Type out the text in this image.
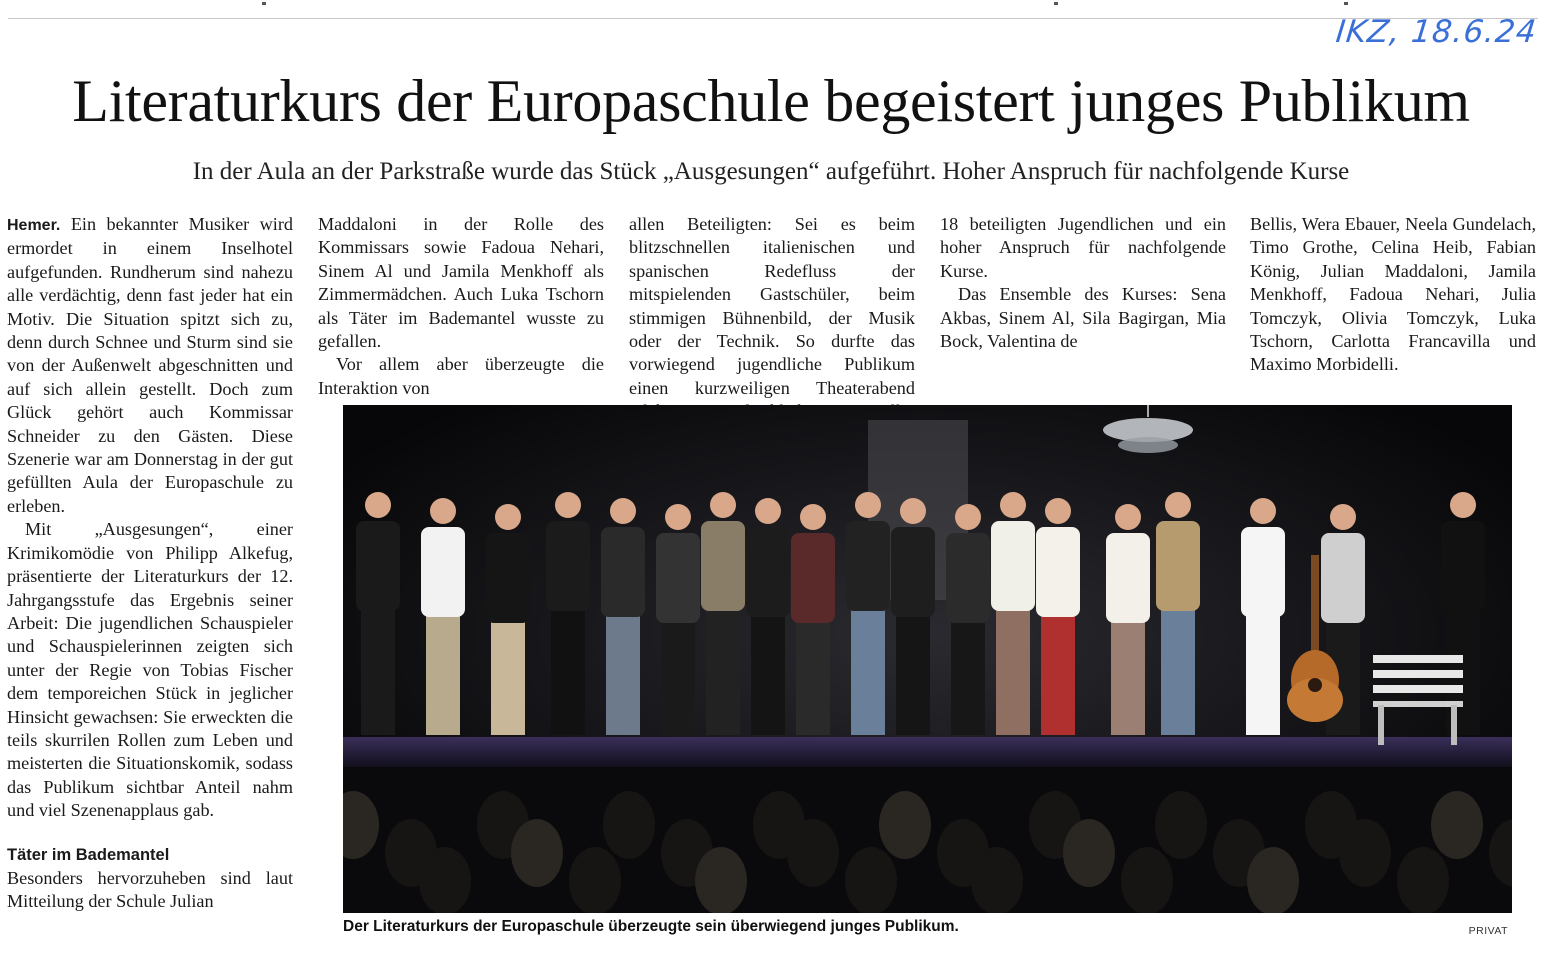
IKZ, 18.6.24
Literaturkurs der Europaschule begeistert junges Publikum
In der Aula an der Parkstraße wurde das Stück „Ausgesungen“ aufgeführt. Hoher Anspruch für nachfolgende Kurse

Hemer. Ein bekannter Musiker wird ermordet in einem Inselhotel aufgefunden. Rundherum sind nahezu alle verdächtig, denn fast jeder hat ein Motiv. Die Situation spitzt sich zu, denn durch Schnee und Sturm sind sie von der Außenwelt abgeschnitten und auf sich allein gestellt. Doch zum Glück gehört auch Kommissar Schneider zu den Gästen. Diese Szenerie war am Donnerstag in der gut gefüllten Aula der Europaschule zu erleben.

Mit „Ausgesungen“, einer Krimikomödie von Philipp Alkefug, präsentierte der Literaturkurs der 12. Jahrgangsstufe das Ergebnis seiner Arbeit: Die jugendlichen Schauspieler und Schauspielerinnen zeigten sich unter der Regie von Tobias Fischer dem temporeichen Stück in jeglicher Hinsicht gewachsen: Sie erweckten die teils skurrilen Rollen zum Leben und meisterten die Situationskomik, sodass das Publikum sichtbar Anteil nahm und viel Szenenapplaus gab.

Täter im Bademantel

Besonders hervorzuheben sind laut Mitteilung der Schule Julian

Maddaloni in der Rolle des Kommissars sowie Fadoua Nehari, Sinem Al und Jamila Menkhoff als Zimmermädchen. Auch Luka Tschorn als Täter im Bademantel wusste zu gefallen.

Vor allem aber überzeugte die Interaktion von

allen Beteiligten: Sei es beim blitzschnellen italienischen und spanischen Redefluss der mitspielenden Gastschüler, beim stimmigen Bühnenbild, der Musik oder der Technik. So durfte das vorwiegend jugendliche Publikum einen kurzweiligen Theaterabend

18 beteiligten Jugendlichen und ein hoher Anspruch für nachfolgende Kurse.

Das Ensemble des Kurses: Sena Akbas, Sinem Al, Sila Bagirgan, Mia Bock, Valentina de

Bellis, Wera Ebauer, Neela Gundelach, Timo Grothe, Celina Heib, Fabian König, Julian Maddaloni, Jamila Menkhoff, Fadoua Nehari, Julia Tomczyk, Olivia Tomczyk, Luka Tschorn, Carlotta Francavilla und Maximo Morbidelli.

Der Literaturkurs der Europaschule überzeugte sein überwiegend junges Publikum.	PRIVAT
